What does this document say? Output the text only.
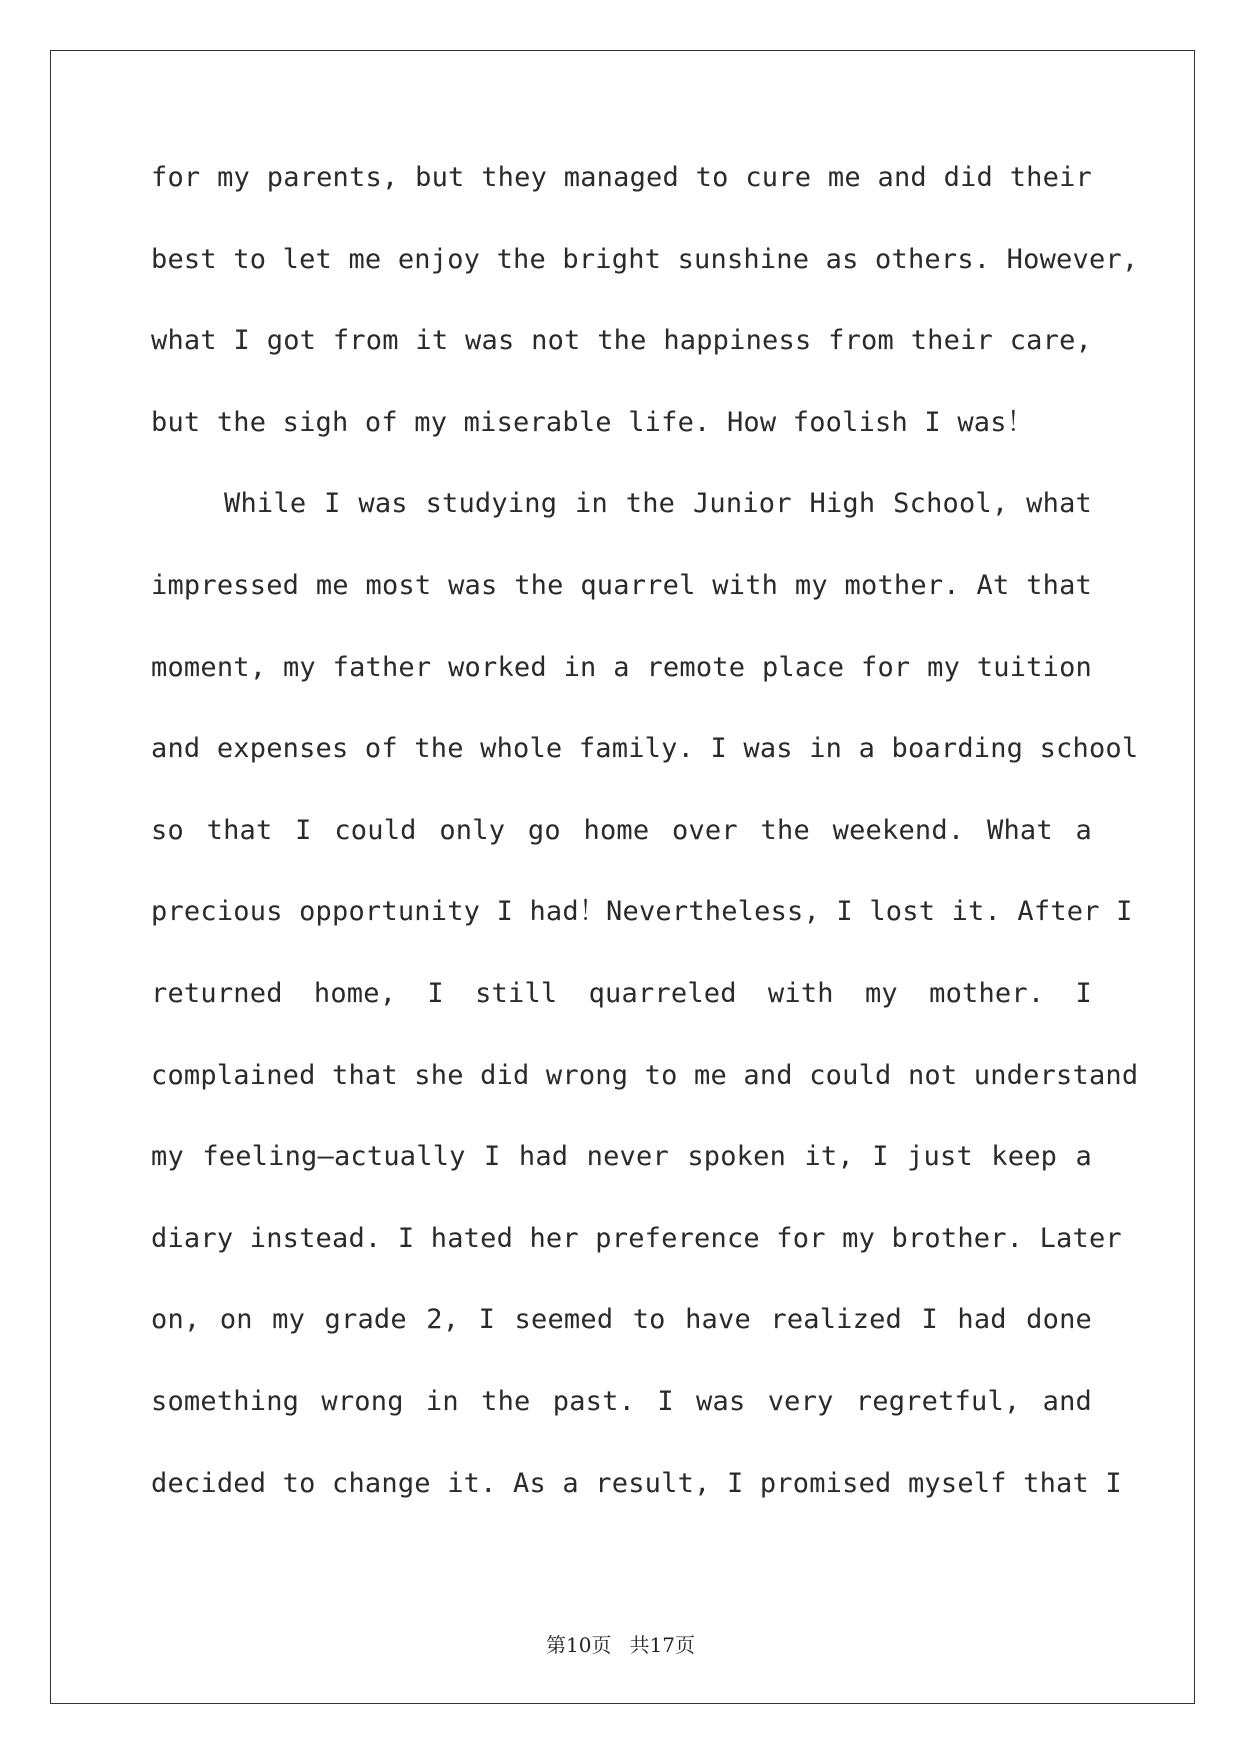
for my parents, but they managed to cure me and did their
best to let me enjoy the bright sunshine as others. However,
what I got from it was not the happiness from their care,
but the sigh of my miserable life. How foolish I was！
While I was studying in the Junior High School, what
impressed me most was the quarrel with my mother. At that
moment, my father worked in a remote place for my tuition
and expenses of the whole family. I was in a boarding school
so that I could only go home over the weekend. What a
precious opportunity I had！Nevertheless, I lost it. After I
returned home, I still quarreled with my mother. I
complained that she did wrong to me and could not understand
my feeling—actually I had never spoken it, I just keep a
diary instead. I hated her preference for my brother. Later
on, on my grade 2, I seemed to have realized I had done
something wrong in the past. I was very regretful, and
decided to change it. As a result, I promised myself that I
第10页 共17页
